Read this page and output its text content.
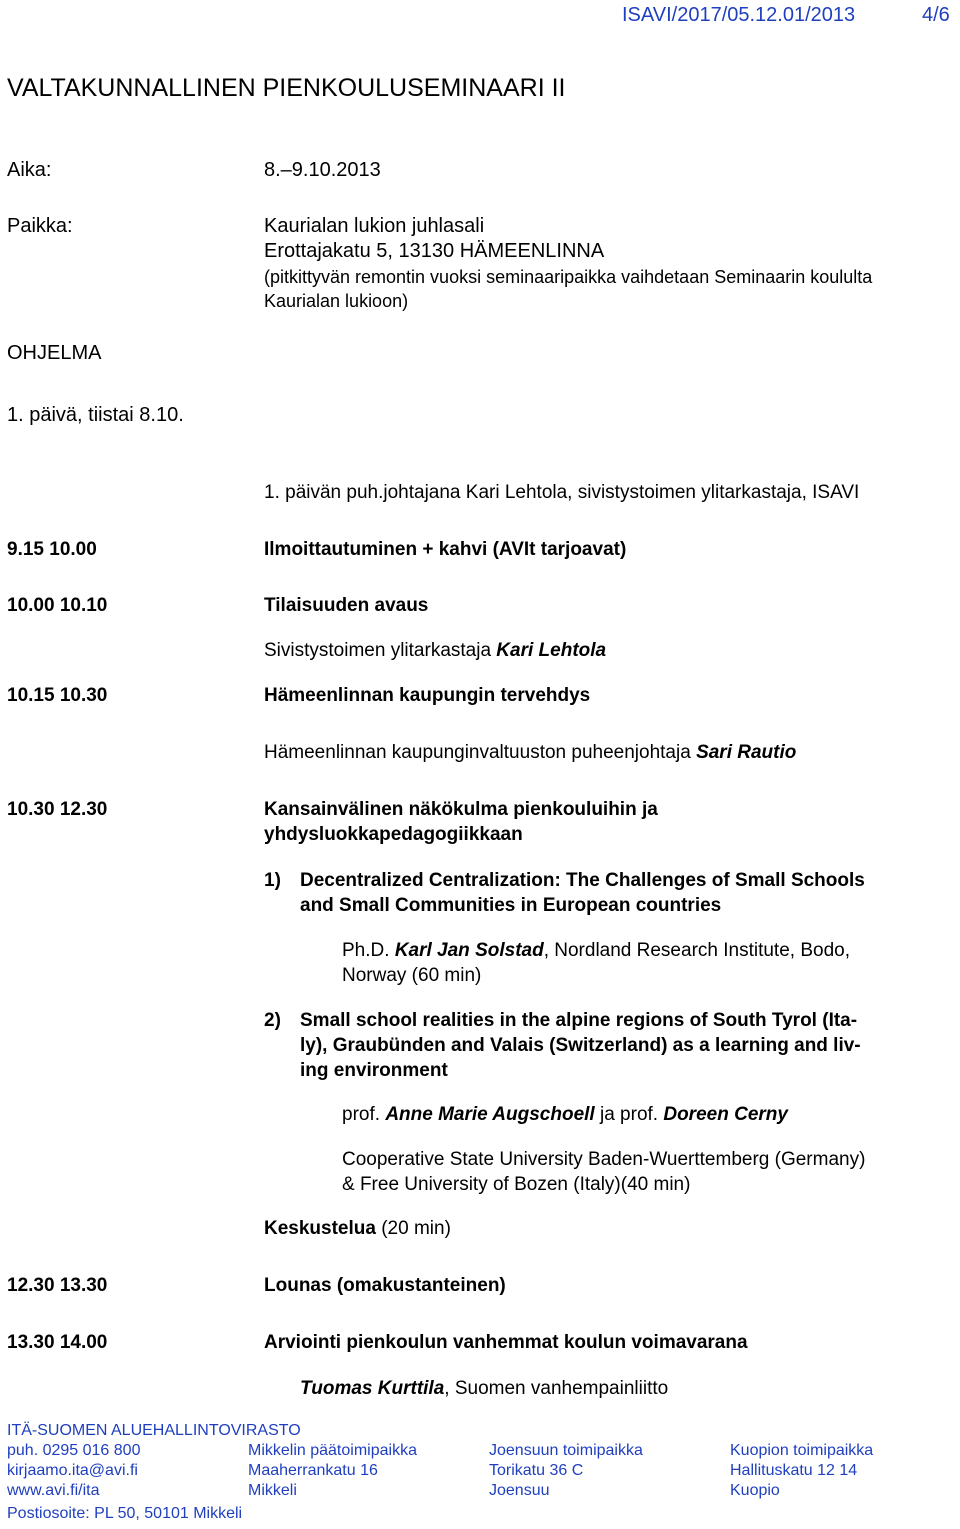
ISAVI/2017/05.12.01/2013	4/6
VALTAKUNNALLINEN PIENKOULUSEMINAARI II
Aika:	8.–9.10.2013
Paikka:	Kaurialan lukion juhlasali
Erottajakatu 5, 13130 HÄMEENLINNA
(pitkittyvän remontin vuoksi seminaaripaikka vaihdetaan Seminaarin koululta
Kaurialan lukioon)
OHJELMA
1. päivä, tiistai 8.10.
1. päivän puh.johtajana Kari Lehtola, sivistystoimen ylitarkastaja, ISAVI
9.15 10.00	Ilmoittautuminen + kahvi (AVIt tarjoavat)
10.00 10.10	Tilaisuuden avaus
Sivistystoimen ylitarkastaja Kari Lehtola
10.15 10.30	Hämeenlinnan kaupungin tervehdys
Hämeenlinnan kaupunginvaltuuston puheenjohtaja Sari Rautio
10.30 12.30	Kansainvälinen näkökulma pienkouluihin ja
yhdysluokkapedagogiikkaan
1) Decentralized Centralization: The Challenges of Small Schools
and Small Communities in European countries
Ph.D. Karl Jan Solstad, Nordland Research Institute, Bodo,
Norway (60 min)
2) Small school realities in the alpine regions of South Tyrol (Ita-
ly), Graubünden and Valais (Switzerland) as a learning and liv-
ing environment
prof. Anne Marie Augschoell ja prof. Doreen Cerny
Cooperative State University Baden-Wuerttemberg (Germany)
& Free University of Bozen (Italy)(40 min)
Keskustelua (20 min)
12.30 13.30	Lounas (omakustanteinen)
13.30 14.00	Arviointi pienkoulun vanhemmat koulun voimavarana
Tuomas Kurttila, Suomen vanhempainliitto
ITÄ-SUOMEN ALUEHALLINTOVIRASTO
puh. 0295 016 800
kirjaamo.ita@avi.fi
www.avi.fi/ita
Mikkelin päätoimipaikka
Maaherrankatu 16
Mikkeli
Joensuun toimipaikka
Torikatu 36 C
Joensuu
Kuopion toimipaikka
Hallituskatu 12 14
Kuopio
Postiosoite: PL 50, 50101 Mikkeli
